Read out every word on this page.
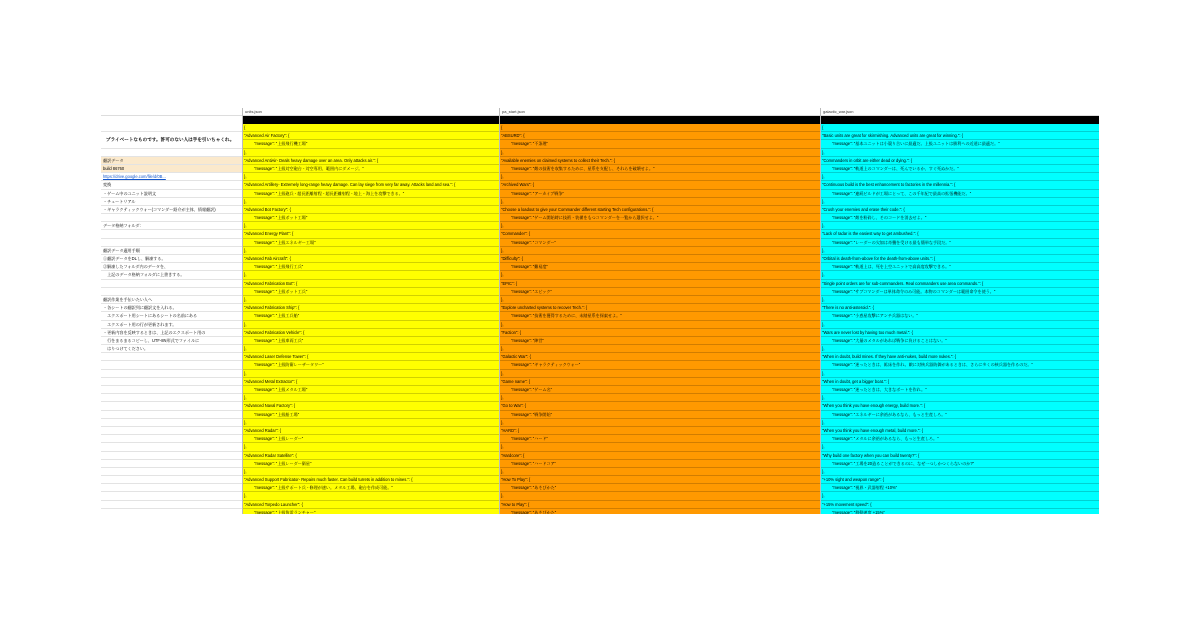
プライベートなものです。許可のない人は手を引いちゃくれ。
翻訳データ
build 86760
https://drive.google.com/file/d/0B...
変換
・ゲーム中のユニット説明文
・チュートリアル
・ギャラクティックウォー(コマンダー紹介が主体、情報翻訳)
データ格納フォルダ：
翻訳データ適用手順
①翻訳データをDLし、解凍する。
②解凍したフォルダ内のデータを、
　上記のデータ格納フォルダに上書きする。
翻訳作業を手伝いたい人へ
・各シートの翻訳列に翻訳文を入れる。
　エクスポート用シートにあるシートの名前にある
　エクスポート用の行が更新されます。
・更新内容を反映するときは、上記のエクスポート用の
　行をまるまるコピーし、UTF-8N形式でファイルに
　はりつけてください。
units.json
{
"Advanced Air Factory": {
"message": "上級飛行機工場"
},
"Advanced AntiAir- Deals heavy damage over an area. Only attacks air.": {
"message": "上級対空砲台 - 対空専用、範囲内にダメージ。"
},
"Advanced Artillery- Extremely long-range heavy damage. Can lay siege from very far away. Attacks land and sea.": {
"message": "上級砲兵 - 超長距離射程 - 超長距離射程 - 地上・海上を攻撃できる。"
},
"Advanced Bot Factory": {
"message": "上級ボット工場"
},
"Advanced Energy Plant": {
"message": "上級エネルギー工場"
},
"Advanced Fab Aircraft": {
"message": "上級飛行工兵"
},
"Advanced Fabrication Bot": {
"message": "上級ボット工兵"
},
"Advanced Fabrication Ship": {
"message": "上級工兵船"
},
"Advanced Fabrication Vehicle": {
"message": "上級車両工兵"
},
"Advanced Laser Defense Tower": {
"message": "上級防衛レーザータワー"
},
"Advanced Metal Extractor": {
"message": "上級メタル工場"
},
"Advanced Naval Factory": {
"message": "上級船工場"
},
"Advanced Radar": {
"message": "上級レーダー"
},
"Advanced Radar Satellite": {
"message": "上級レーダー衛星"
},
"Advanced Support Fabricator- Repairs much faster. Can build turrets in addition to mines.": {
"message": "上級サポート兵 - 修理が速い。メタル工場、砲台を作成可能。"
},
"Advanced Torpedo Launcher": {
"message": "上級魚雷ランチャー"
pa_start.json
{
"ABSURD": {
"message": "不条理"
},
"Available enemies on claimed systems to collect their Tech.": {
"message": "敵の技術を収集するために、星系を支配し、それらを破壊せよ。"
},
"Archived Wars": {
"message": "アーカイブ戦争"
},
"Choose a loadout to give your Commander different starting Tech configurations.": {
"message": "ゲーム開始時に技術・装備をもつコマンダーを一覧から選択せよ。"
},
"Commander": {
"message": "コマンダー"
},
"Difficulty": {
"message": "難易度"
},
"EPIC": {
"message": "エピック"
},
"Explore uncharted systems to recover Tech.": {
"message": "技術を獲得するために、未踏星系を探索せよ。"
},
"Faction": {
"message": "陣営"
},
"Galactic War": {
"message": "ギャラクティックウォー"
},
"Game name": {
"message": "ゲーム名"
},
"Go to War": {
"message": "戦争開始"
},
"HARD": {
"message": "ハード"
},
"Hardcore": {
"message": "ハードコア"
},
"How To Play": {
"message": "あそびかた"
},
"How to Play": {
"message": "あそびかた"
galactic_war.json
{
"Basic units are great for skirmishing. Advanced units are great for winning.": {
"message": "基本ユニットは小競り合いに最適だ。上級ユニットは勝利への近道に最適だ。"
},
"Commanders in orbit are either dead or dying.": {
"message": "軌道上のコマンダーは、死んでいるか、すぐ死ぬかだ。"
},
"Continuous build is the best enhancement to factories in the millennia.": {
"message": "連続ビルドが工場にとって、この千年紀で最高の拡張機能だ。"
},
"Crush your enemies and erase their code.": {
"message": "敵を粉砕し、そのコードを消去せよ。"
},
"Lack of radar is the easiest way to get ambushed.": {
"message": "レーダーの欠如は奇襲を受ける最も簡単な手段だ。"
},
"Orbital is death-from-above for the death-from-above units.": {
"message": "軌道上は、死を上空ユニットで高高度攻撃できる。"
},
"Single point orders are for sub-commanders. Real commanders use area commands.": {
"message": "サブコマンダーは単体命令のみ可能。本物のコマンダーは範囲命令を使う。"
},
"There is no anti-asteroid.": {
"message": "小惑星攻撃にアンチ兵器はない。"
},
"Wars are never lost by having too much metal.": {
"message": "大量のメタルがあれば戦争に負けることはない。"
},
"When in doubt, build mines. If they have anti-nukes, build more nukes.": {
"message": "迷ったときは、鉱床を作れ。敵に対核兵器防御があるときは、さらに多くの核兵器を作るのだ。"
},
"When in doubt, get a bigger boat.": {
"message": "迷ったときは、大きなボートを作れ。"
},
"When you think you have enough energy, build more.": {
"message": "エネルギーに余裕があるなら、もっと生産しろ。"
},
"When you think you have enough metal, build more.": {
"message": "メタルに余裕があるなら、もっと生産しろ。"
},
"Why build one factory when you can build twenty?": {
"message": "工場を20造ることができるのに、なぜ一つしかつくらないのか?"
},
"+10% sight and weapon range": {
"message": "視界・武器射程 +10%"
},
"+15% movement speed": {
"message": "移動速度 +15%"
